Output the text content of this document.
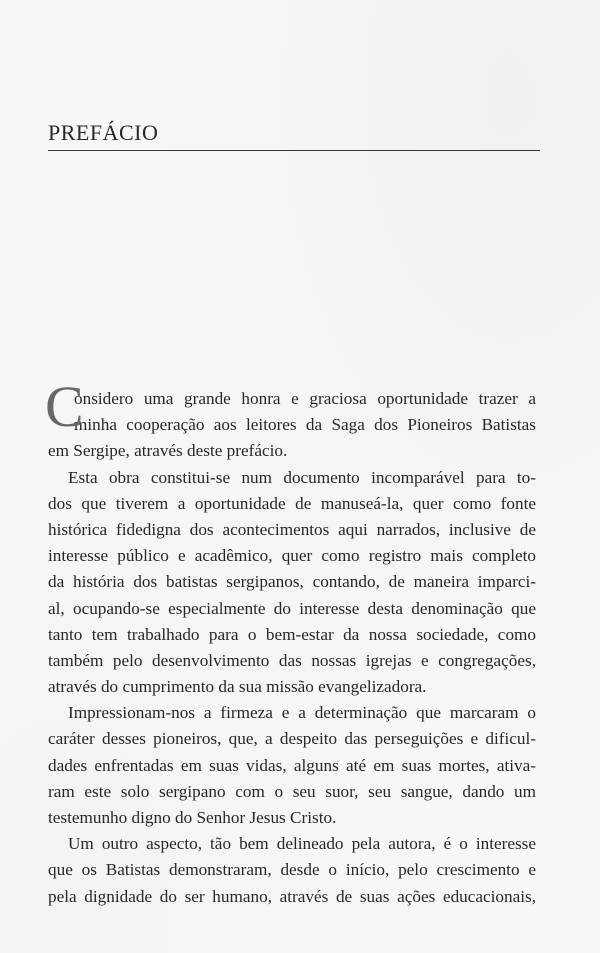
PREFÁCIO
C
onsidero uma grande honra e graciosa oportunidade trazer a
minha cooperação aos leitores da Saga dos Pioneiros Batistas
em Sergipe, através deste prefácio.
Esta obra constitui-se num documento incomparável para to-
dos que tiverem a oportunidade de manuseá-la, quer como fonte
histórica fidedigna dos acontecimentos aqui narrados, inclusive de
interesse público e acadêmico, quer como registro mais completo
da história dos batistas sergipanos, contando, de maneira imparci-
al, ocupando-se especialmente do interesse desta denominação que
tanto tem trabalhado para o bem-estar da nossa sociedade, como
também pelo desenvolvimento das nossas igrejas e congregações,
através do cumprimento da sua missão evangelizadora.
Impressionam-nos a firmeza e a determinação que marcaram o
caráter desses pioneiros, que, a despeito das perseguições e dificul-
dades enfrentadas em suas vidas, alguns até em suas mortes, ativa-
ram este solo sergipano com o seu suor, seu sangue, dando um
testemunho digno do Senhor Jesus Cristo.
Um outro aspecto, tão bem delineado pela autora, é o interesse
que os Batistas demonstraram, desde o início, pelo crescimento e
pela dignidade do ser humano, através de suas ações educacionais,
